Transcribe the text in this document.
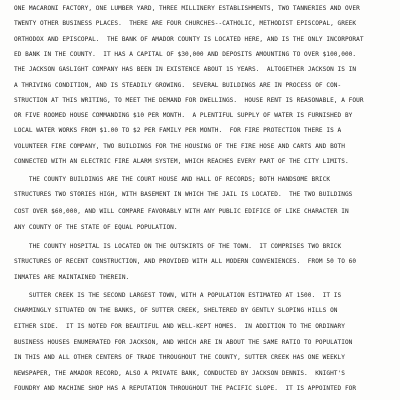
ONE MACARONI FACTORY, ONE LUMBER YARD, THREE MILLINERY ESTABLISHMENTS, TWO TANNERIES AND OVER
TWENTY OTHER BUSINESS PLACES.  THERE ARE FOUR CHURCHES--CATHOLIC, METHODIST EPISCOPAL, GREEK
ORTHODOX AND EPISCOPAL.  THE BANK OF AMADOR COUNTY IS LOCATED HERE, AND IS THE ONLY INCORPORAT
ED BANK IN THE COUNTY.  IT HAS A CAPITAL OF $30,000 AND DEPOSITS AMOUNTING TO OVER $100,000.
THE JACKSON GASLIGHT COMPANY HAS BEEN IN EXISTENCE ABOUT 15 YEARS.  ALTOGETHER JACKSON IS IN
A THRIVING CONDITION, AND IS STEADILY GROWING.  SEVERAL BUILDINGS ARE IN PROCESS OF CON-
STRUCTION AT THIS WRITING, TO MEET THE DEMAND FOR DWELLINGS.  HOUSE RENT IS REASONABLE, A FOUR
OR FIVE ROOMED HOUSE COMMANDING $10 PER MONTH.  A PLENTIFUL SUPPLY OF WATER IS FURNISHED BY
LOCAL WATER WORKS FROM $1.00 TO $2 PER FAMILY PER MONTH.  FOR FIRE PROTECTION THERE IS A
VOLUNTEER FIRE COMPANY, TWO BUILDINGS FOR THE HOUSING OF THE FIRE HOSE AND CARTS AND BOTH
CONNECTED WITH AN ELECTRIC FIRE ALARM SYSTEM, WHICH REACHES EVERY PART OF THE CITY LIMITS.
THE COUNTY BUILDINGS ARE THE COURT HOUSE AND HALL OF RECORDS; BOTH HANDSOME BRICK
STRUCTURES TWO STORIES HIGH, WITH BASEMENT IN WHICH THE JAIL IS LOCATED.  THE TWO BUILDINGS
COST OVER $60,000, AND WILL COMPARE FAVORABLY WITH ANY PUBLIC EDIFICE OF LIKE CHARACTER IN
ANY COUNTY OF THE STATE OF EQUAL POPULATION.
THE COUNTY HOSPITAL IS LOCATED ON THE OUTSKIRTS OF THE TOWN.  IT COMPRISES TWO BRICK
STRUCTURES OF RECENT CONSTRUCTION, AND PROVIDED WITH ALL MODERN CONVENIENCES.  FROM 50 TO 60
INMATES ARE MAINTAINED THEREIN.
SUTTER CREEK IS THE SECOND LARGEST TOWN, WITH A POPULATION ESTIMATED AT 1500.  IT IS
CHARMINGLY SITUATED ON THE BANKS, OF SUTTER CREEK, SHELTERED BY GENTLY SLOPING HILLS ON
EITHER SIDE.  IT IS NOTED FOR BEAUTIFUL AND WELL-KEPT HOMES.  IN ADDITION TO THE ORDINARY
BUSINESS HOUSES ENUMERATED FOR JACKSON, AND WHICH ARE IN ABOUT THE SAME RATIO TO POPULATION
IN THIS AND ALL OTHER CENTERS OF TRADE THROUGHOUT THE COUNTY, SUTTER CREEK HAS ONE WEEKLY
NEWSPAPER, THE AMADOR RECORD, ALSO A PRIVATE BANK, CONDUCTED BY JACKSON DENNIS.  KNIGHT'S
FOUNDRY AND MACHINE SHOP HAS A REPUTATION THROUGHOUT THE PACIFIC SLOPE.  IT IS APPOINTED FOR
